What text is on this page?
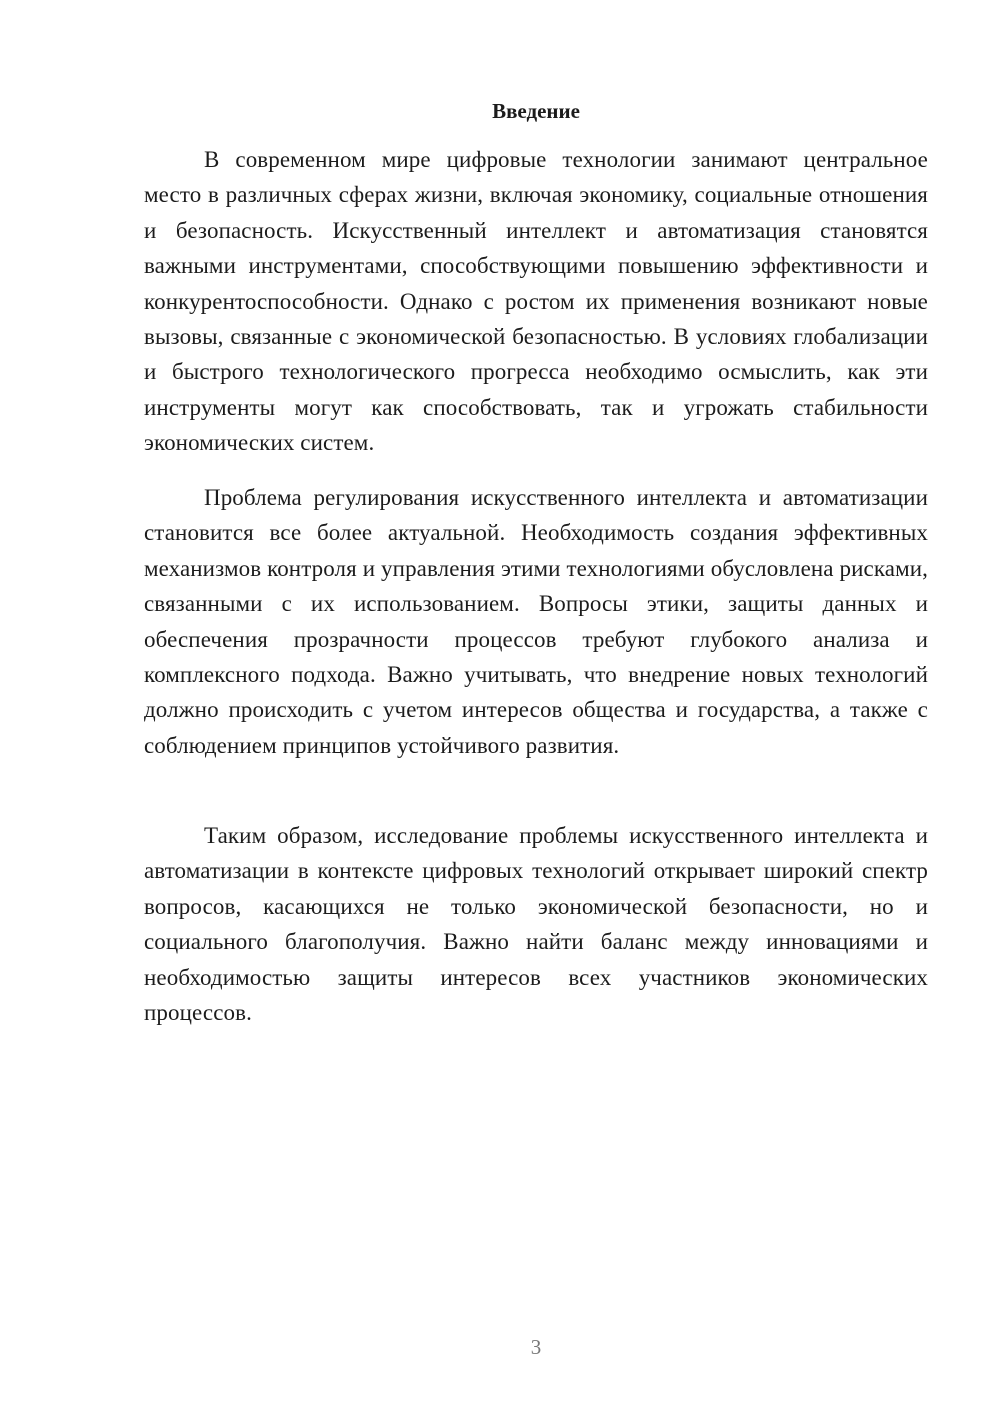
Введение

В современном мире цифровые технологии занимают центральное место в различных сферах жизни, включая экономику, социальные отношения и безопасность. Искусственный интеллект и автоматизация становятся важными инструментами, способствующими повышению эффективности и конкурентоспособности. Однако с ростом их применения возникают новые вызовы, связанные с экономической безопасностью. В условиях глобализации и быстрого технологического прогресса необходимо осмыслить, как эти инструменты могут как способствовать, так и угрожать стабильности экономических систем.

Проблема регулирования искусственного интеллекта и автоматизации становится все более актуальной. Необходимость создания эффективных механизмов контроля и управления этими технологиями обусловлена рисками, связанными с их использованием. Вопросы этики, защиты данных и обеспечения прозрачности процессов требуют глубокого анализа и комплексного подхода. Важно учитывать, что внедрение новых технологий должно происходить с учетом интересов общества и государства, а также с соблюдением принципов устойчивого развития.

Таким образом, исследование проблемы искусственного интеллекта и автоматизации в контексте цифровых технологий открывает широкий спектр вопросов, касающихся не только экономической безопасности, но и социального благополучия. Важно найти баланс между инновациями и необходимостью защиты интересов всех участников экономических процессов.

3
